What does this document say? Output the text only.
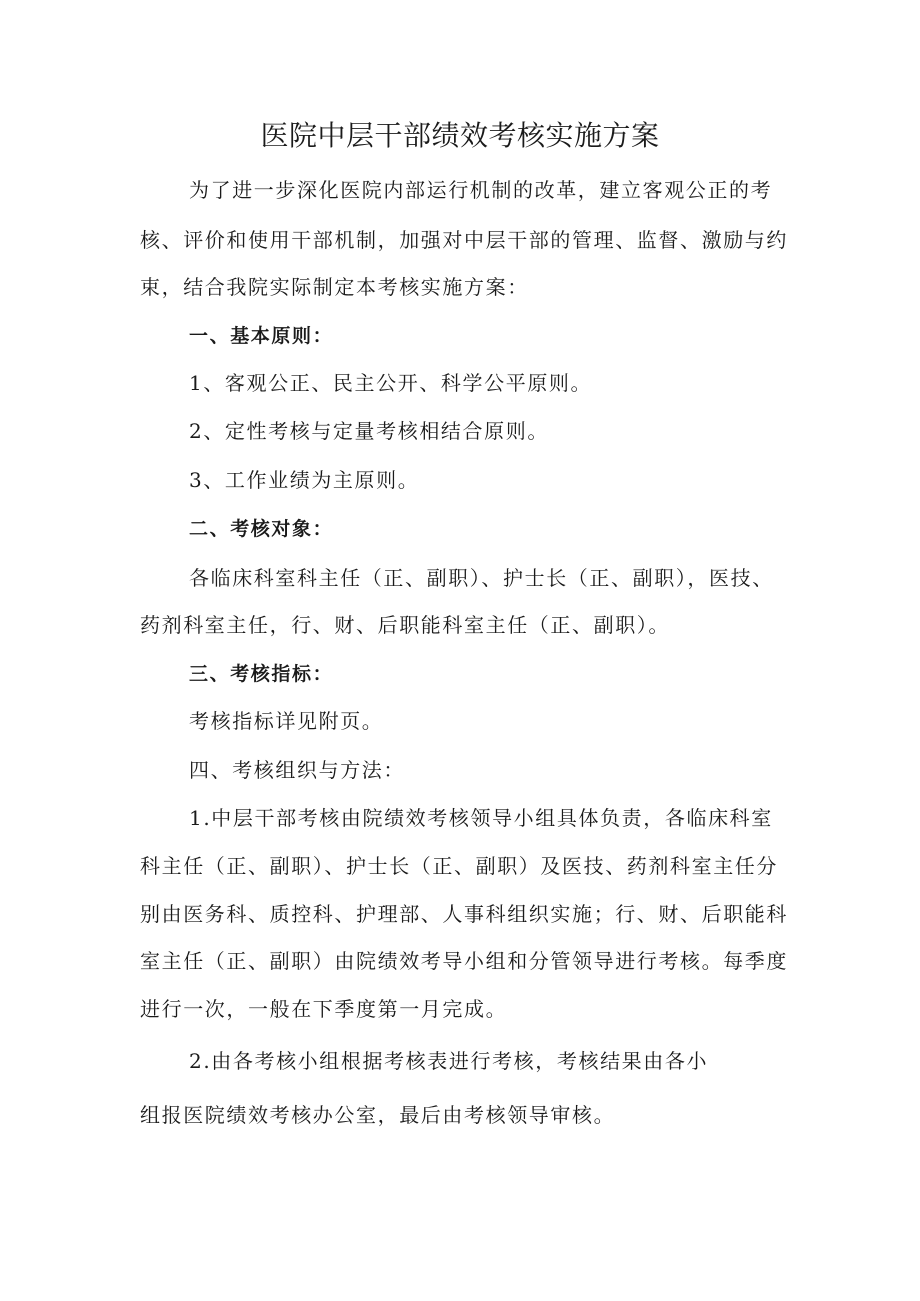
医院中层干部绩效考核实施方案
为了进一步深化医院内部运行机制的改革，建立客观公正的考
核、评价和使用干部机制，加强对中层干部的管理、监督、激励与约
束，结合我院实际制定本考核实施方案：
一、基本原则：
1、客观公正、民主公开、科学公平原则。
2、定性考核与定量考核相结合原则。
3、工作业绩为主原则。
二、考核对象：
各临床科室科主任（正、副职）、护士长（正、副职），医技、
药剂科室主任，行、财、后职能科室主任（正、副职）。
三、考核指标：
考核指标详见附页。
四、考核组织与方法：
1.中层干部考核由院绩效考核领导小组具体负责，各临床科室
科主任（正、副职）、护士长（正、副职）及医技、药剂科室主任分
别由医务科、质控科、护理部、人事科组织实施；行、财、后职能科
室主任（正、副职）由院绩效考导小组和分管领导进行考核。每季度
进行一次，一般在下季度第一月完成。
2.由各考核小组根据考核表进行考核，考核结果由各小
组报医院绩效考核办公室，最后由考核领导审核。
